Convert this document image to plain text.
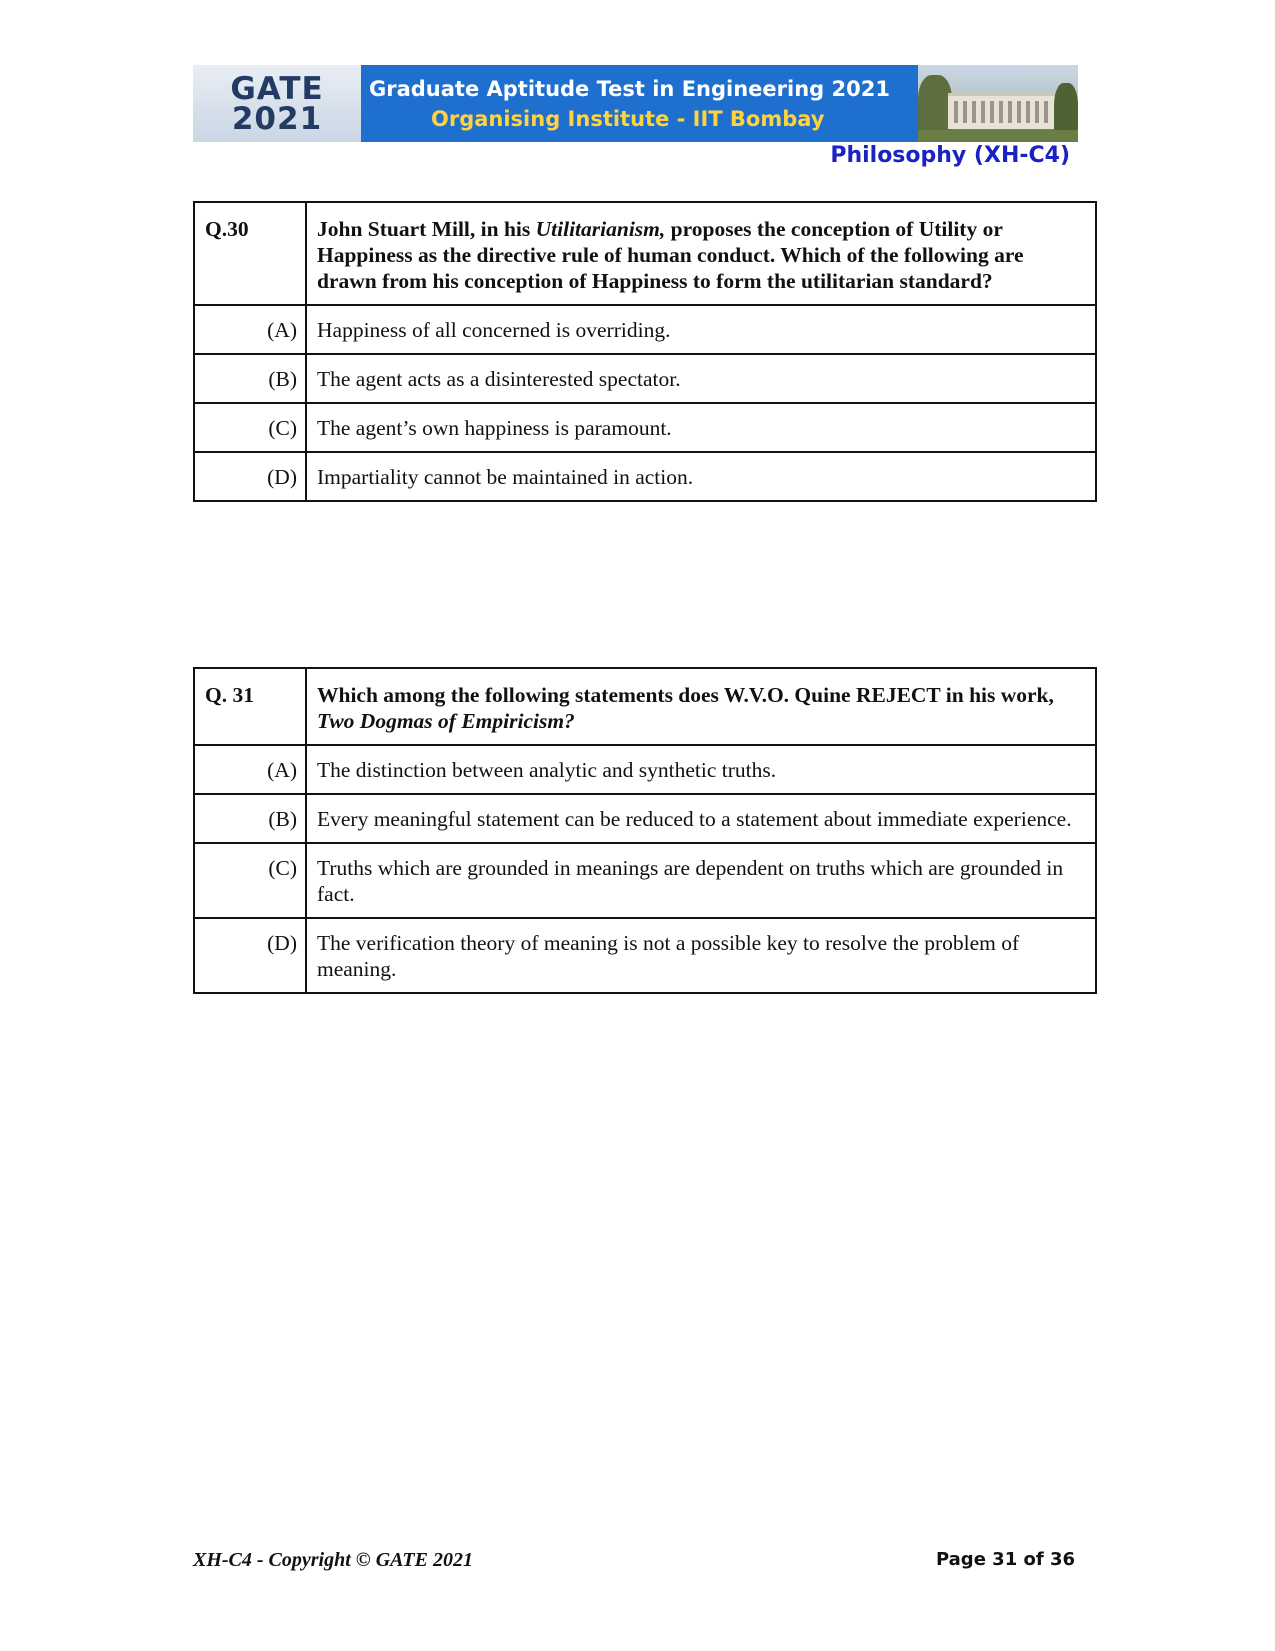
GATE
2021
Graduate Aptitude Test in Engineering 2021
Organising Institute - IIT Bombay
Philosophy (XH-C4)
Q.30	John Stuart Mill, in his Utilitarianism, proposes the conception of Utility or Happiness as the directive rule of human conduct. Which of the following are drawn from his conception of Happiness to form the utilitarian standard?
(A)	Happiness of all concerned is overriding.
(B)	The agent acts as a disinterested spectator.
(C)	The agent’s own happiness is paramount.
(D)	Impartiality cannot be maintained in action.
Q. 31	Which among the following statements does W.V.O. Quine REJECT in his work, Two Dogmas of Empiricism?
(A)	The distinction between analytic and synthetic truths.
(B)	Every meaningful statement can be reduced to a statement about immediate experience.
(C)	Truths which are grounded in meanings are dependent on truths which are grounded in fact.
(D)	The verification theory of meaning is not a possible key to resolve the problem of meaning.
XH-C4 - Copyright © GATE 2021	Page 31 of 36
